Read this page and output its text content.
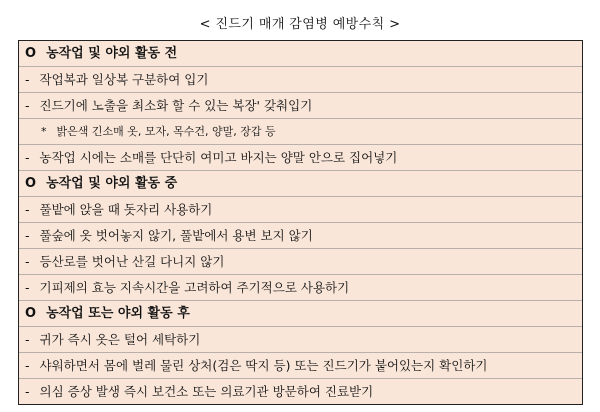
< 진드기 매개 감염병 예방수칙 >
O 농작업 및 야외 활동 전
- 작업복과 일상복 구분하여 입기
- 진드기에 노출을 최소화 할 수 있는 복장' 갖춰입기
* 밝은색 긴소매 옷, 모자, 목수건, 양말, 장갑 등
- 농작업 시에는 소매를 단단히 여미고 바지는 양말 안으로 집어넣기
O 농작업 및 야외 활동 중
- 풀밭에 앉을 때 돗자리 사용하기
- 풀숲에 옷 벗어놓지 않기, 풀밭에서 용변 보지 않기
- 등산로를 벗어난 산길 다니지 않기
- 기피제의 효능 지속시간을 고려하여 주기적으로 사용하기
O 농작업 또는 야외 활동 후
- 귀가 즉시 옷은 털어 세탁하기
- 샤워하면서 몸에 벌레 물린 상처(검은 딱지 등) 또는 진드기가 붙어있는지 확인하기
- 의심 증상 발생 즉시 보건소 또는 의료기관 방문하여 진료받기
